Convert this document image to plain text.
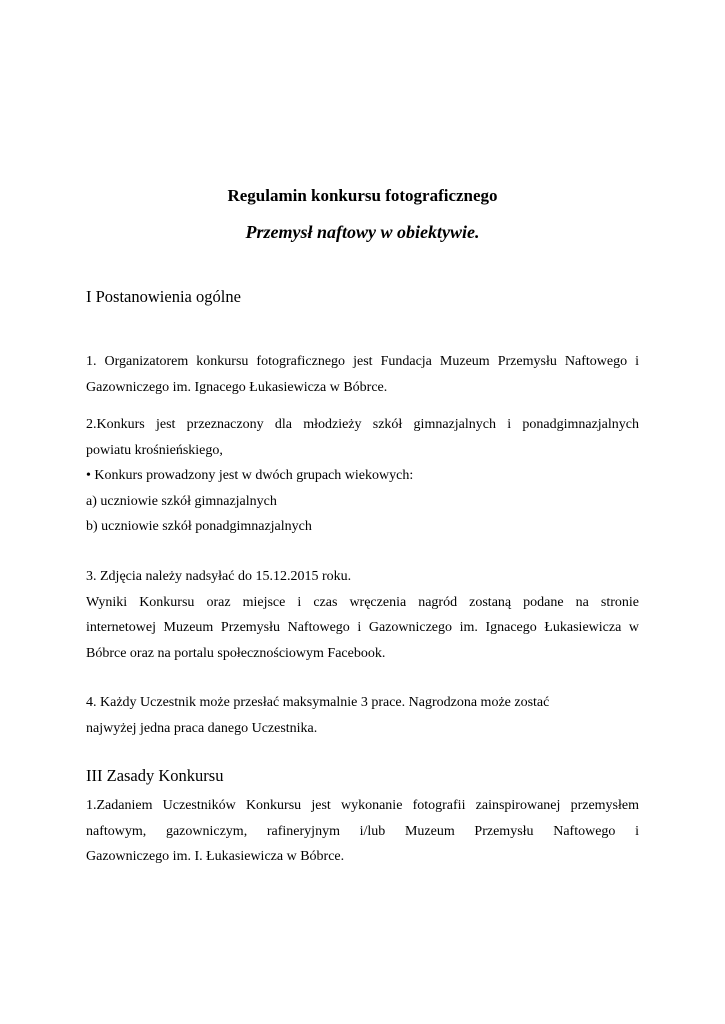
Regulamin konkursu fotograficznego
Przemysł naftowy w obiektywie.
I Postanowienia ogólne
1. Organizatorem konkursu fotograficznego jest Fundacja Muzeum Przemysłu Naftowego i
Gazowniczego im. Ignacego Łukasiewicza w Bóbrce.
2.Konkurs jest przeznaczony dla młodzieży szkół gimnazjalnych i ponadgimnazjalnych
powiatu krośnieńskiego,
• Konkurs prowadzony jest w dwóch grupach wiekowych:
a) uczniowie szkół gimnazjalnych
b) uczniowie szkół ponadgimnazjalnych
3. Zdjęcia należy nadsyłać do 15.12.2015 roku.
Wyniki Konkursu oraz miejsce i czas wręczenia nagród zostaną podane na stronie
internetowej Muzeum Przemysłu Naftowego i Gazowniczego im. Ignacego Łukasiewicza w
Bóbrce oraz na portalu społecznościowym Facebook.
4. Każdy Uczestnik może przesłać maksymalnie 3 prace. Nagrodzona może zostać
najwyżej jedna praca danego Uczestnika.
III Zasady Konkursu
1.Zadaniem Uczestników Konkursu jest wykonanie fotografii zainspirowanej przemysłem
naftowym, gazowniczym, rafineryjnym i/lub Muzeum Przemysłu Naftowego i
Gazowniczego im. I. Łukasiewicza w Bóbrce.
